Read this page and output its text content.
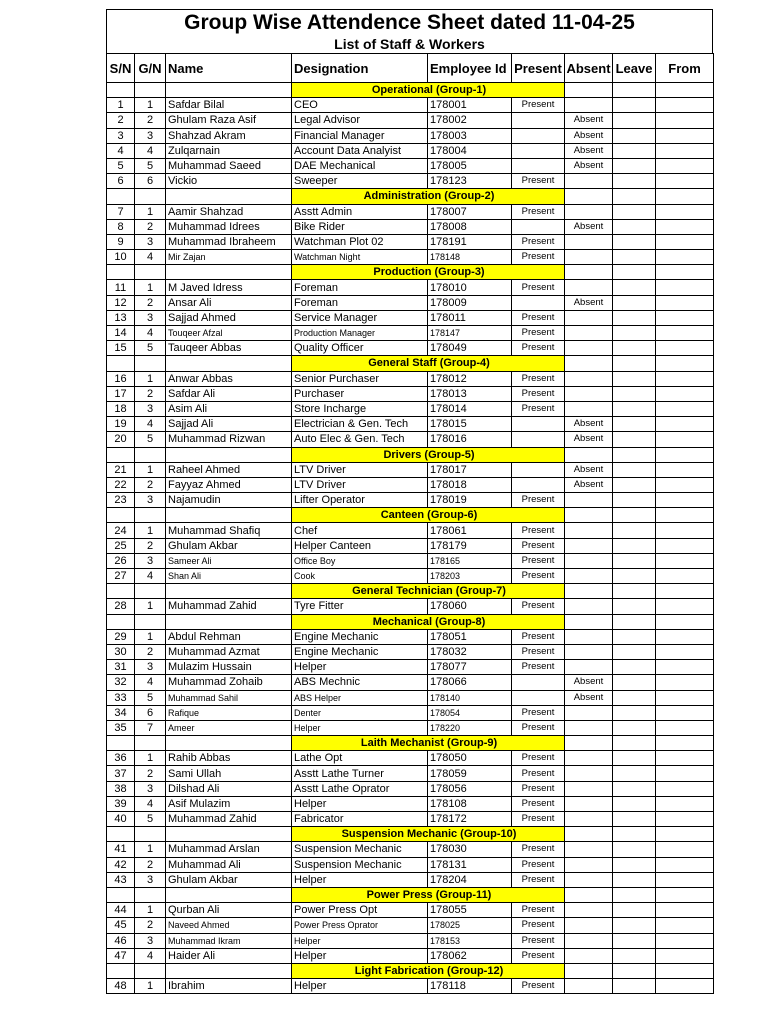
Group Wise Attendence Sheet dated 11-04-25
List of Staff & Workers
S/N	G/N	Name	Designation	Employee Id	Present	Absent	Leave	From
			Operational (Group-1)					
1	1	Safdar Bilal	CEO	178001	Present			
2	2	Ghulam Raza Asif	Legal Advisor	178002		Absent		
3	3	Shahzad Akram	Financial Manager	178003		Absent		
4	4	Zulqarnain	Account Data Analyist	178004		Absent		
5	5	Muhammad Saeed	DAE Mechanical	178005		Absent		
6	6	Vickio	Sweeper	178123	Present			
			Administration (Group-2)					
7	1	Aamir Shahzad	Asstt Admin	178007	Present			
8	2	Muhammad Idrees	Bike Rider	178008		Absent		
9	3	Muhammad Ibraheem	Watchman Plot 02	178191	Present			
10	4	Mir Zajan	Watchman Night	178148	Present			
			Production (Group-3)					
11	1	M Javed Idress	Foreman	178010	Present			
12	2	Ansar Ali	Foreman	178009		Absent		
13	3	Sajjad Ahmed	Service Manager	178011	Present			
14	4	Touqeer Afzal	Production Manager	178147	Present			
15	5	Tauqeer Abbas	Quality Officer	178049	Present			
			General Staff (Group-4)					
16	1	Anwar Abbas	Senior Purchaser	178012	Present			
17	2	Safdar Ali	Purchaser	178013	Present			
18	3	Asim Ali	Store Incharge	178014	Present			
19	4	Sajjad Ali	Electrician & Gen. Tech	178015		Absent		
20	5	Muhammad Rizwan	Auto Elec & Gen. Tech	178016		Absent		
			Drivers (Group-5)					
21	1	Raheel Ahmed	LTV Driver	178017		Absent		
22	2	Fayyaz Ahmed	LTV Driver	178018		Absent		
23	3	Najamudin	Lifter Operator	178019	Present			
			Canteen (Group-6)					
24	1	Muhammad Shafiq	Chef	178061	Present			
25	2	Ghulam Akbar	Helper Canteen	178179	Present			
26	3	Sameer Ali	Office Boy	178165	Present			
27	4	Shan Ali	Cook	178203	Present			
			General Technician (Group-7)					
28	1	Muhammad Zahid	Tyre Fitter	178060	Present			
			Mechanical (Group-8)					
29	1	Abdul Rehman	Engine Mechanic	178051	Present			
30	2	Muhammad Azmat	Engine Mechanic	178032	Present			
31	3	Mulazim Hussain	Helper	178077	Present			
32	4	Muhammad Zohaib	ABS Mechnic	178066		Absent		
33	5	Muhammad Sahil	ABS Helper	178140		Absent		
34	6	Rafique	Denter	178054	Present			
35	7	Ameer	Helper	178220	Present			
			Laith Mechanist (Group-9)					
36	1	Rahib Abbas	Lathe Opt	178050	Present			
37	2	Sami Ullah	Asstt Lathe Turner	178059	Present			
38	3	Dilshad Ali	Asstt Lathe Oprator	178056	Present			
39	4	Asif Mulazim	Helper	178108	Present			
40	5	Muhammad Zahid	Fabricator	178172	Present			
			Suspension Mechanic (Group-10)					
41	1	Muhammad Arslan	Suspension Mechanic	178030	Present			
42	2	Muhammad Ali	Suspension Mechanic	178131	Present			
43	3	Ghulam Akbar	Helper	178204	Present			
			Power Press (Group-11)					
44	1	Qurban Ali	Power Press Opt	178055	Present			
45	2	Naveed Ahmed	Power Press Oprator	178025	Present			
46	3	Muhammad Ikram	Helper	178153	Present			
47	4	Haider Ali	Helper	178062	Present			
			Light Fabrication (Group-12)					
48	1	Ibrahim	Helper	178118	Present			
